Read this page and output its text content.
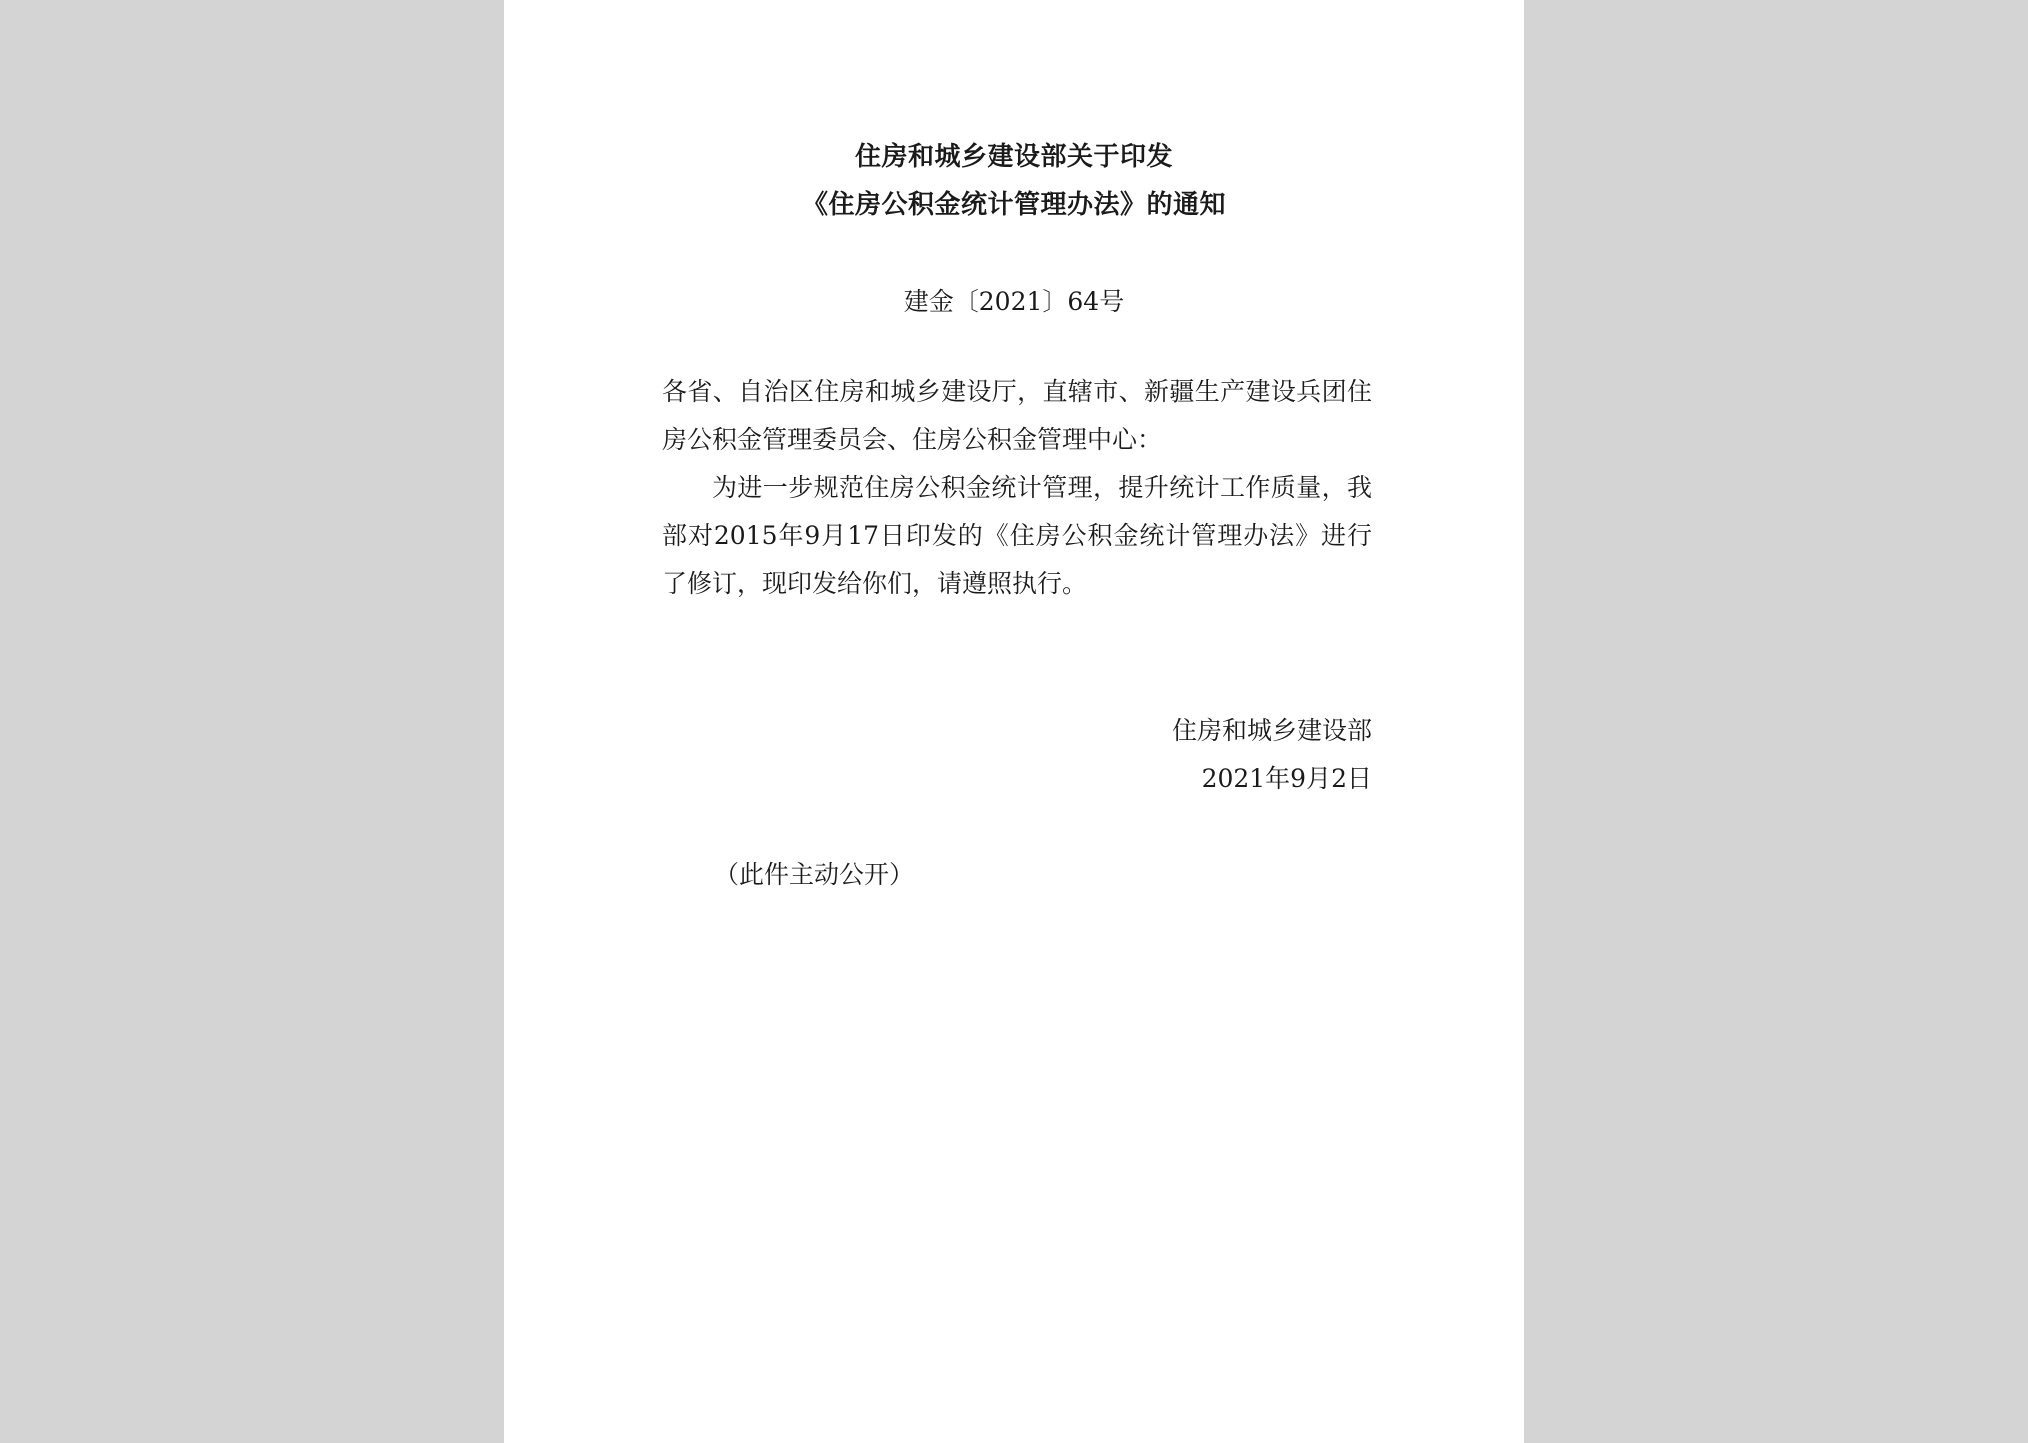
住房和城乡建设部关于印发
《住房公积金统计管理办法》的通知
建金〔2021〕64号
各省、自治区住房和城乡建设厅，直辖市、新疆生产建设兵团住房公积金管理委员会、住房公积金管理中心：
为进一步规范住房公积金统计管理，提升统计工作质量，我部对2015年9月17日印发的《住房公积金统计管理办法》进行了修订，现印发给你们，请遵照执行。
住房和城乡建设部
2021年9月2日
（此件主动公开）
